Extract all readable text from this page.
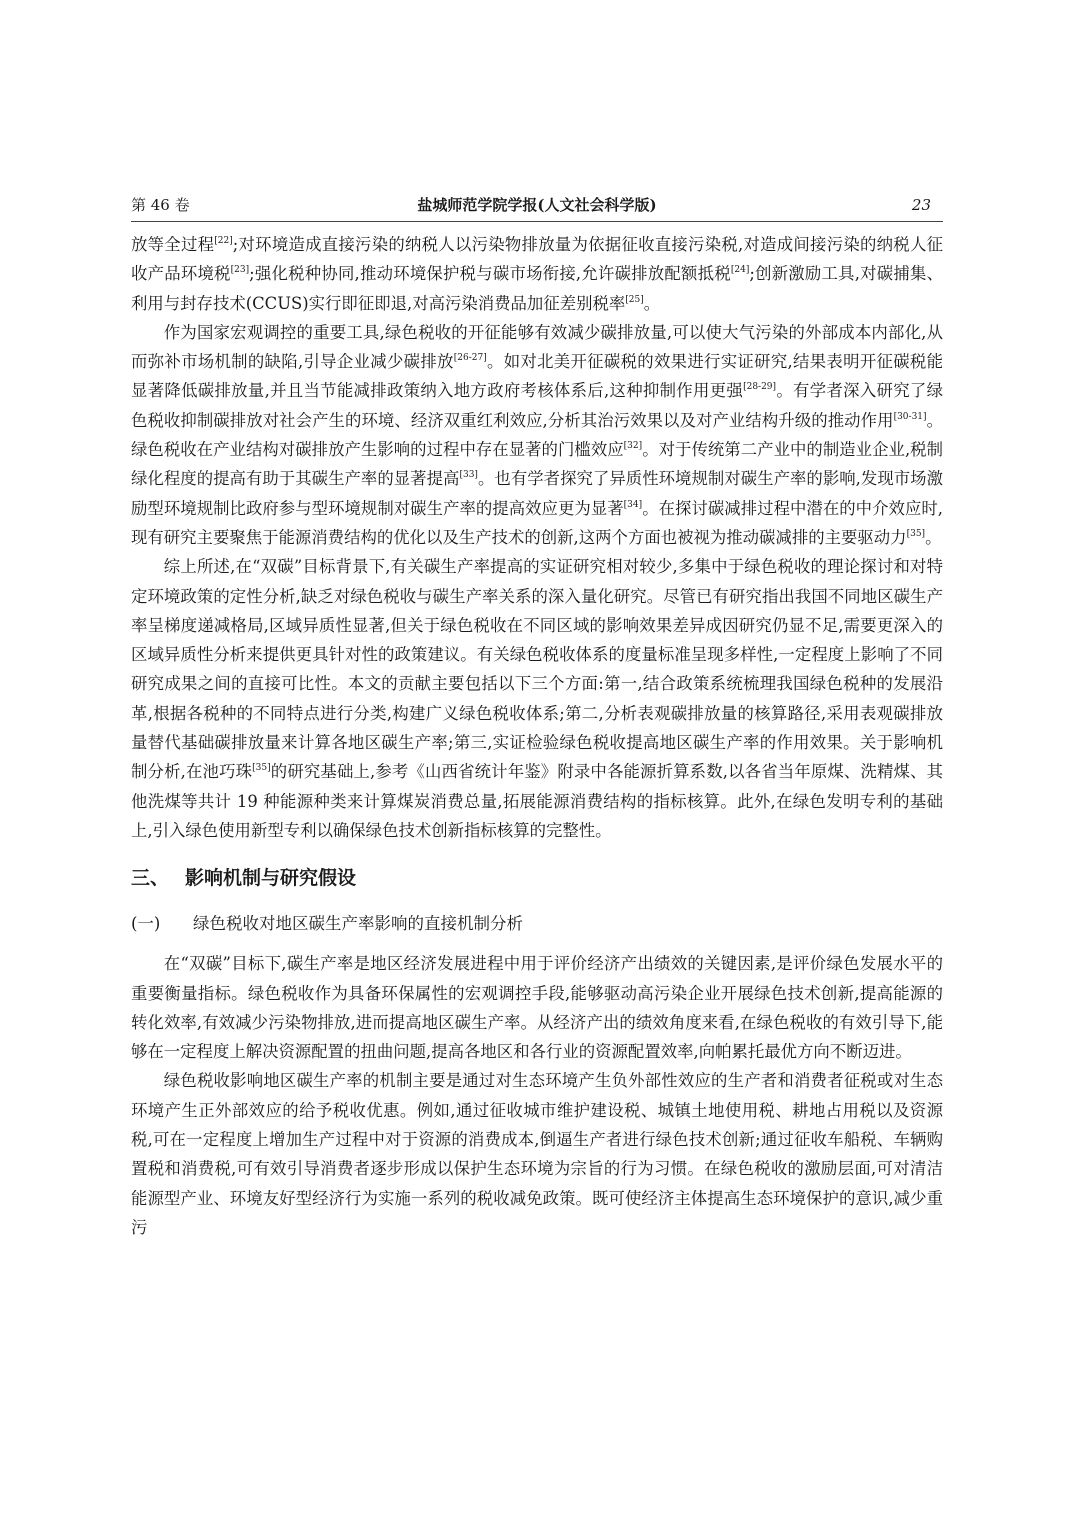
第 46 卷	盐城师范学院学报(人文社会科学版)	23

放等全过程[22];对环境造成直接污染的纳税人以污染物排放量为依据征收直接污染税,对造成间接污染的纳税人征收产品环境税[23];强化税种协同,推动环境保护税与碳市场衔接,允许碳排放配额抵税[24];创新激励工具,对碳捕集、利用与封存技术(CCUS)实行即征即退,对高污染消费品加征差别税率[25]。

作为国家宏观调控的重要工具,绿色税收的开征能够有效减少碳排放量,可以使大气污染的外部成本内部化,从而弥补市场机制的缺陷,引导企业减少碳排放[26-27]。如对北美开征碳税的效果进行实证研究,结果表明开征碳税能显著降低碳排放量,并且当节能减排政策纳入地方政府考核体系后,这种抑制作用更强[28-29]。有学者深入研究了绿色税收抑制碳排放对社会产生的环境、经济双重红利效应,分析其治污效果以及对产业结构升级的推动作用[30-31]。绿色税收在产业结构对碳排放产生影响的过程中存在显著的门槛效应[32]。对于传统第二产业中的制造业企业,税制绿化程度的提高有助于其碳生产率的显著提高[33]。也有学者探究了异质性环境规制对碳生产率的影响,发现市场激励型环境规制比政府参与型环境规制对碳生产率的提高效应更为显著[34]。在探讨碳减排过程中潜在的中介效应时,现有研究主要聚焦于能源消费结构的优化以及生产技术的创新,这两个方面也被视为推动碳减排的主要驱动力[35]。

综上所述,在“双碳”目标背景下,有关碳生产率提高的实证研究相对较少,多集中于绿色税收的理论探讨和对特定环境政策的定性分析,缺乏对绿色税收与碳生产率关系的深入量化研究。尽管已有研究指出我国不同地区碳生产率呈梯度递减格局,区域异质性显著,但关于绿色税收在不同区域的影响效果差异成因研究仍显不足,需要更深入的区域异质性分析来提供更具针对性的政策建议。有关绿色税收体系的度量标准呈现多样性,一定程度上影响了不同研究成果之间的直接可比性。本文的贡献主要包括以下三个方面:第一,结合政策系统梳理我国绿色税种的发展沿革,根据各税种的不同特点进行分类,构建广义绿色税收体系;第二,分析表观碳排放量的核算路径,采用表观碳排放量替代基础碳排放量来计算各地区碳生产率;第三,实证检验绿色税收提高地区碳生产率的作用效果。关于影响机制分析,在池巧珠[35]的研究基础上,参考《山西省统计年鉴》附录中各能源折算系数,以各省当年原煤、洗精煤、其他洗煤等共计 19 种能源种类来计算煤炭消费总量,拓展能源消费结构的指标核算。此外,在绿色发明专利的基础上,引入绿色使用新型专利以确保绿色技术创新指标核算的完整性。

三、 影响机制与研究假设
(一) 绿色税收对地区碳生产率影响的直接机制分析

在“双碳”目标下,碳生产率是地区经济发展进程中用于评价经济产出绩效的关键因素,是评价绿色发展水平的重要衡量指标。绿色税收作为具备环保属性的宏观调控手段,能够驱动高污染企业开展绿色技术创新,提高能源的转化效率,有效减少污染物排放,进而提高地区碳生产率。从经济产出的绩效角度来看,在绿色税收的有效引导下,能够在一定程度上解决资源配置的扭曲问题,提高各地区和各行业的资源配置效率,向帕累托最优方向不断迈进。

绿色税收影响地区碳生产率的机制主要是通过对生态环境产生负外部性效应的生产者和消费者征税或对生态环境产生正外部效应的给予税收优惠。例如,通过征收城市维护建设税、城镇土地使用税、耕地占用税以及资源税,可在一定程度上增加生产过程中对于资源的消费成本,倒逼生产者进行绿色技术创新;通过征收车船税、车辆购置税和消费税,可有效引导消费者逐步形成以保护生态环境为宗旨的行为习惯。在绿色税收的激励层面,可对清洁能源型产业、环境友好型经济行为实施一系列的税收减免政策。既可使经济主体提高生态环境保护的意识,减少重污
